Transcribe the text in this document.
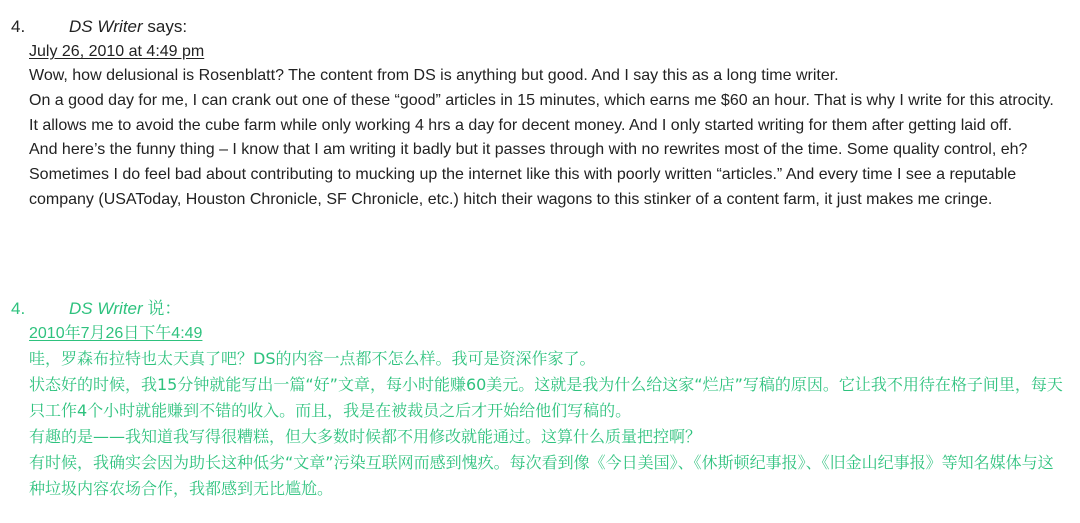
4.	DS Writer says:
July 26, 2010 at 4:49 pm

Wow, how delusional is Rosenblatt? The content from DS is anything but good. And I say this as a long time writer.

On a good day for me, I can crank out one of these “good” articles in 15 minutes, which earns me $60 an hour. That is why I write for this atrocity. It allows me to avoid the cube farm while only working 4 hrs a day for decent money. And I only started writing for them after getting laid off.

And here’s the funny thing – I know that I am writing it badly but it passes through with no rewrites most of the time. Some quality control, eh?

Sometimes I do feel bad about contributing to mucking up the internet like this with poorly written “articles.” And every time I see a reputable company (USAToday, Houston Chronicle, SF Chronicle, etc.) hitch their wagons to this stinker of a content farm, it just makes me cringe.

4.	DS Writer 说：
2010年7月26日下午4:49

哇，罗森布拉特也太天真了吧？DS的内容一点都不怎么样。我可是资深作家了。

状态好的时候，我15分钟就能写出一篇“好”文章，每小时能赚60美元。这就是我为什么给这家“烂店”写稿的原因。它让我不用待在格子间里，每天只工作4个小时就能赚到不错的收入。而且，我是在被裁员之后才开始给他们写稿的。

有趣的是——我知道我写得很糟糕，但大多数时候都不用修改就能通过。这算什么质量把控啊？

有时候，我确实会因为助长这种低劣“文章”污染互联网而感到愧疚。每次看到像《今日美国》、《休斯顿纪事报》、《旧金山纪事报》等知名媒体与这种垃圾内容农场合作，我都感到无比尴尬。
